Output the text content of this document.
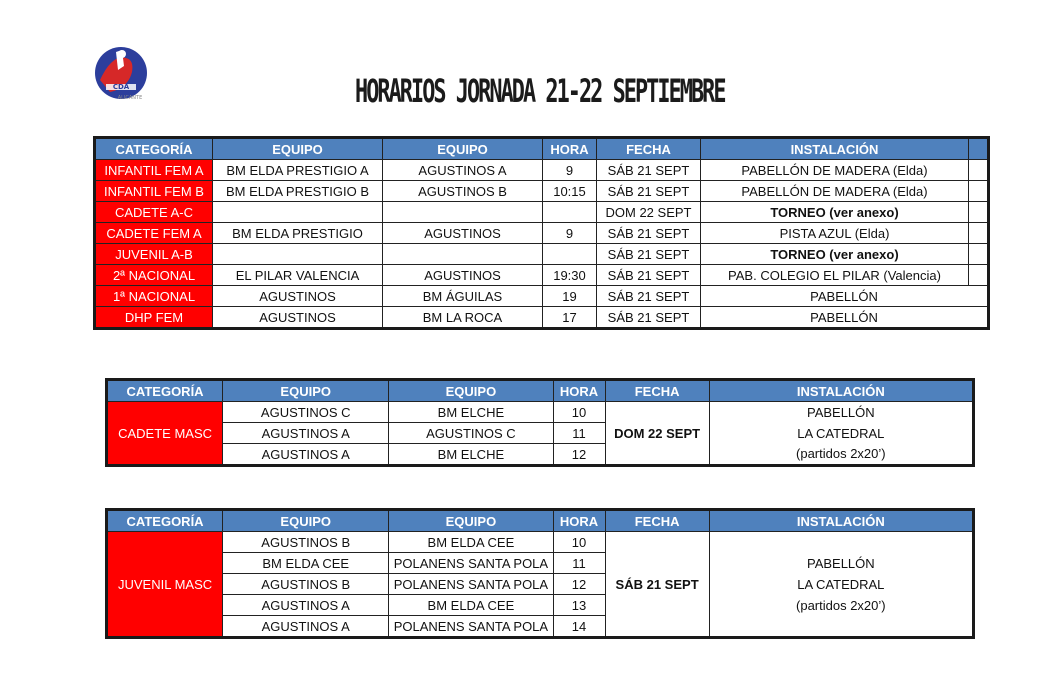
CDA
ALICANTE	HORARIOS JORNADA 21-22 SEPTIEMBRE
CATEGORÍA	EQUIPO	EQUIPO	HORA	FECHA	INSTALACIÓN	
INFANTIL FEM A	BM ELDA PRESTIGIO A	AGUSTINOS A	9	SÁB 21 SEPT	PABELLÓN DE MADERA (Elda)	
INFANTIL FEM B	BM ELDA PRESTIGIO B	AGUSTINOS B	10:15	SÁB 21 SEPT	PABELLÓN DE MADERA (Elda)	
CADETE A-C				DOM 22 SEPT	TORNEO (ver anexo)	
CADETE FEM A	BM ELDA PRESTIGIO	AGUSTINOS	9	SÁB 21 SEPT	PISTA AZUL (Elda)	
JUVENIL A-B				SÁB 21 SEPT	TORNEO (ver anexo)	
2ª NACIONAL	EL PILAR VALENCIA	AGUSTINOS	19:30	SÁB 21 SEPT	PAB. COLEGIO EL PILAR (Valencia)	
1ª NACIONAL	AGUSTINOS	BM ÁGUILAS	19	SÁB 21 SEPT	PABELLÓN	
DHP FEM	AGUSTINOS	BM LA ROCA	17	SÁB 21 SEPT	PABELLÓN	
CATEGORÍA	EQUIPO	EQUIPO	HORA	FECHA	INSTALACIÓN
CADETE MASC	AGUSTINOS C	BM ELCHE	10	DOM 22 SEPT	PABELLÓN
	AGUSTINOS A	AGUSTINOS C	11		LA CATEDRAL
	AGUSTINOS A	BM ELCHE	12		(partidos 2x20’)
CATEGORÍA	EQUIPO	EQUIPO	HORA	FECHA	INSTALACIÓN
JUVENIL MASC	AGUSTINOS B	BM ELDA CEE	10	SÁB 21 SEPT	
	BM ELDA CEE	POLANENS SANTA POLA	11		PABELLÓN
	AGUSTINOS B	POLANENS SANTA POLA	12		LA CATEDRAL
	AGUSTINOS A	BM ELDA CEE	13		(partidos 2x20’)
	AGUSTINOS A	POLANENS SANTA POLA	14		
